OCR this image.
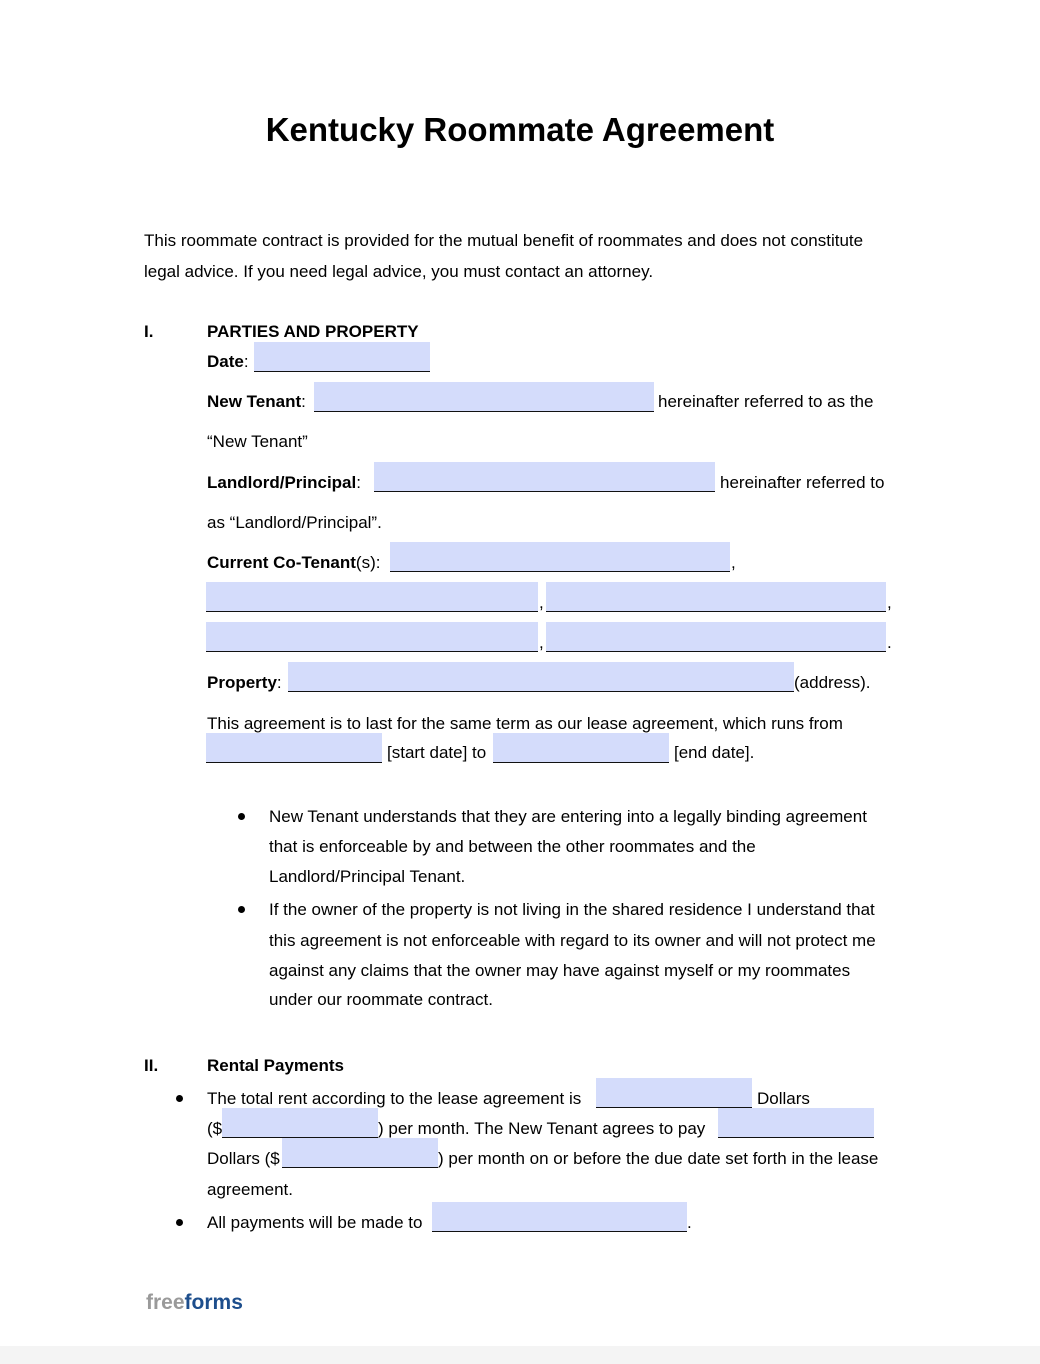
Kentucky Roommate Agreement
This roommate contract is provided for the mutual benefit of roommates and does not constitute
legal advice. If you need legal advice, you must contact an attorney.
I.	PARTIES AND PROPERTY
Date:
New Tenant:	hereinafter referred to as the
“New Tenant”
Landlord/Principal:	hereinafter referred to
as “Landlord/Principal”.
Current Co-Tenant(s):	,
,	,
,	.
Property:	(address).
This agreement is to last for the same term as our lease agreement, which runs from
[start date] to	[end date].
New Tenant understands that they are entering into a legally binding agreement
that is enforceable by and between the other roommates and the
Landlord/Principal Tenant.
If the owner of the property is not living in the shared residence I understand that
this agreement is not enforceable with regard to its owner and will not protect me
against any claims that the owner may have against myself or my roommates
under our roommate contract.
II.	Rental Payments
The total rent according to the lease agreement is	Dollars
($	) per month. The New Tenant agrees to pay
Dollars ($	) per month on or before the due date set forth in the lease
agreement.
All payments will be made to	.
freeforms
